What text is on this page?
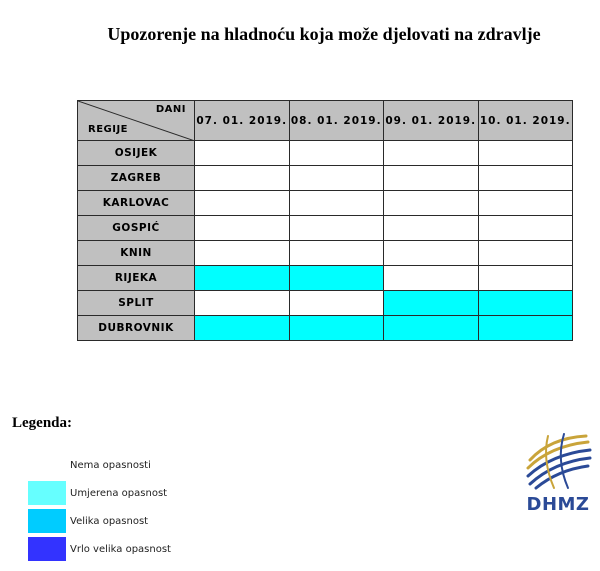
Upozorenje na hladnoću koja može djelovati na zdravlje
DANI
REGIJE	07. 01. 2019.	08. 01. 2019.	09. 01. 2019.	10. 01. 2019.
OSIJEK				
ZAGREB				
KARLOVAC				
GOSPIĆ				
KNIN				
RIJEKA				
SPLIT				
DUBROVNIK				
Legenda:
Nema opasnosti
Umjerena opasnost
Velika opasnost
Vrlo velika opasnost
DHMZ
